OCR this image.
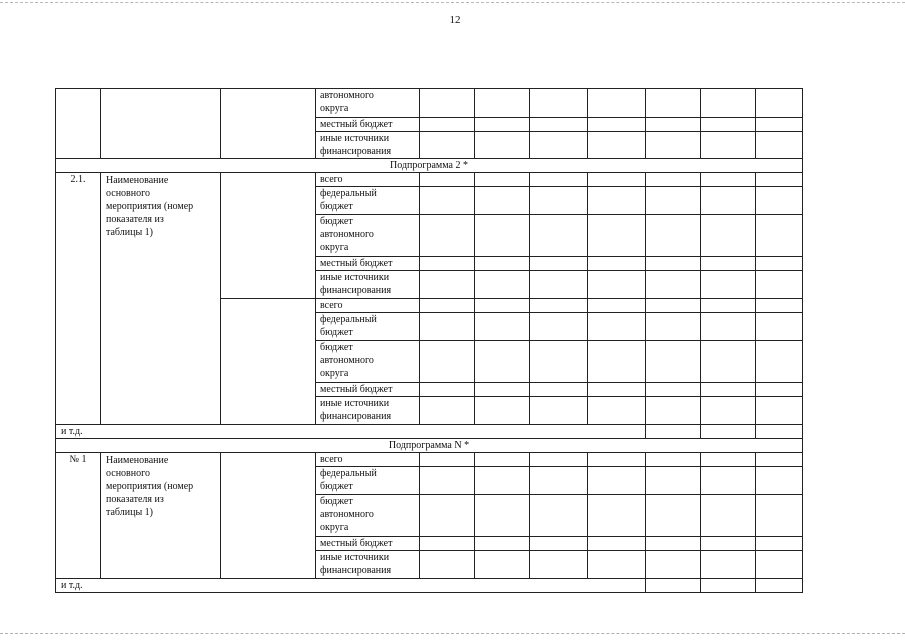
12
			автономного
округа							
			местный бюджет							
			иные источники
финансирования							
Подпрограмма 2 *										
2.1.	Наименование
основного
мероприятия (номер
показателя из
таблицы 1)		всего							
			федеральный
бюджет							
			бюджет
автономного
округа							
			местный бюджет							
			иные источники
финансирования							
			всего							
			федеральный
бюджет							
			бюджет
автономного
округа							
			местный бюджет							
			иные источники
финансирования							
и т.д.										
Подпрограмма N *										
№ 1	Наименование
основного
мероприятия (номер
показателя из
таблицы 1)		всего							
			федеральный
бюджет							
			бюджет
автономного
округа							
			местный бюджет							
			иные источники
финансирования							
и т.д.										
